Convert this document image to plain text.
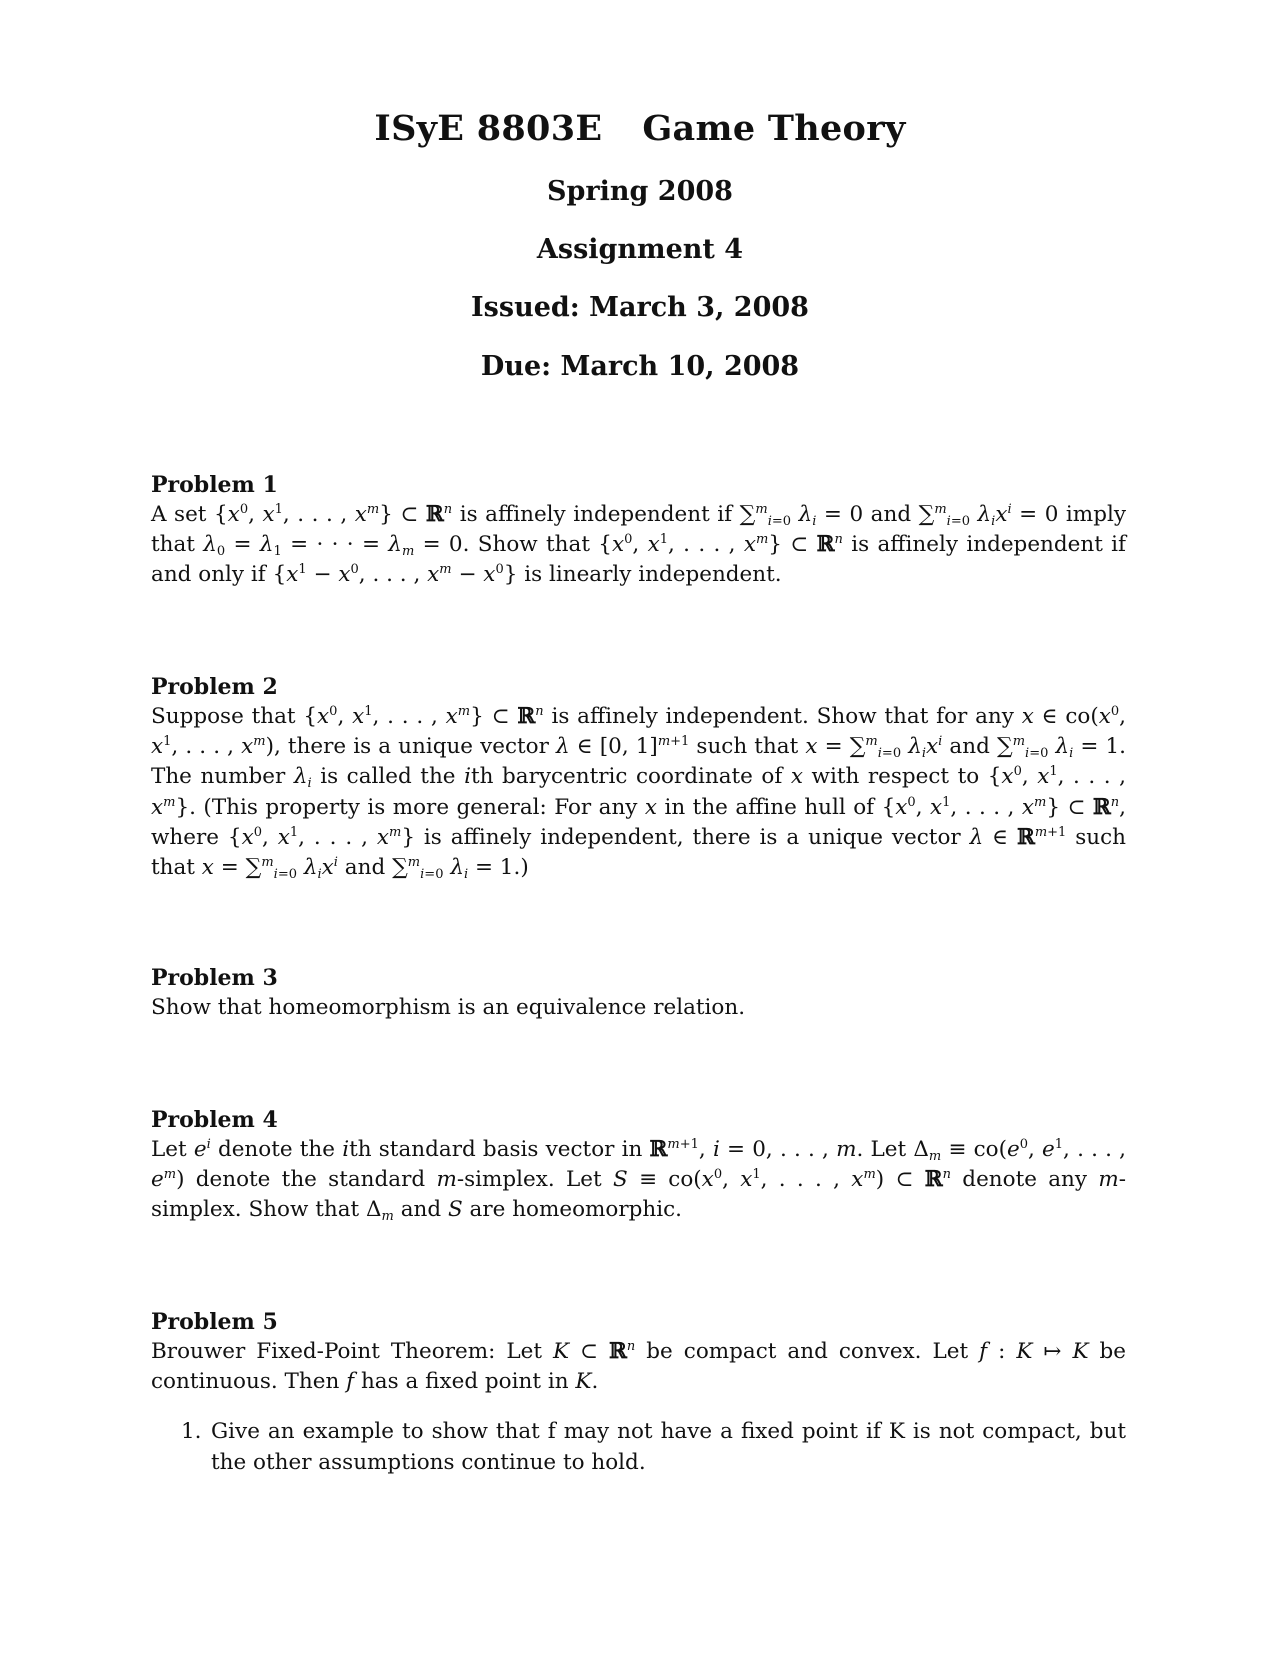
ISyE 8803E Game Theory
Spring 2008
Assignment 4
Issued: March 3, 2008
Due: March 10, 2008
Problem 1

A set {$x^0$, $x^1$, . . . , $x^m$} ⊂ ℝ$^n$ is affinely independent if ∑$^m_{i=0}$ $\lambda_i = 0$ and ∑$^m_{i=0}$ $\lambda_ix^i = 0$ imply that $\lambda_0 = \lambda_1$ = · · · = $\lambda_m = 0$. Show that {$x^0$, $x^1$, . . . , $x^m$} ⊂ ℝ$^n$ is affinely independent if and only if {$x^1 - x^0$, . . . , $x^m - x^0$} is linearly independent.

Problem 2

Suppose that {$x^0$, $x^1$, . . . , $x^m$} ⊂ ℝ$^n$ is affinely independent. Show that for any x ∈ $co(x^0$, $x^1$, . . . , $x^m$), there is a unique vector λ ∈ [0, 1]$^{m+1}$ such that x = ∑$^m_{i=0}$ $\lambda_ix^i$ and ∑$^m_{i=0}$ $\lambda_i = 1$. The number $\lambda_i$ is called the ith barycentric coordinate of x with respect to {$x^0$, $x^1$, . . . , $x^m$}. (This property is more general: For any x in the affine hull of {$x^0$, $x^1$, . . . , $x^m$} ⊂ ℝ$^n$, where {$x^0$, $x^1$, . . . , $x^m$} is affinely independent, there is a unique vector λ ∈ ℝ$^{m+1}$ such that x = ∑$^m_{i=0}$ $\lambda_ix^i$ and ∑$^m_{i=0}$ $\lambda_i = 1$.)

Problem 3

Show that homeomorphism is an equivalence relation.

Problem 4

Let $e^i$ denote the ith standard basis vector in ℝ$^{m+1}$, i = 0, . . . , m. Let $\Delta_m \equiv co(e^0$, $e^1$, . . . , $e^m$) denote the standard m-simplex. Let $S \equiv co(x^0$, $x^1$, . . . , $x^m$) ⊂ ℝ$^n$ denote any m-simplex. Show that $\Delta_m$ and S are homeomorphic.

Problem 5

Brouwer Fixed-Point Theorem: Let K ⊂ ℝ$^n$ be compact and convex. Let f : K ↦ K be continuous. Then f has a fixed point in K.

1. Give an example to show that f may not have a fixed point if K is not compact, but the other assumptions continue to hold.
